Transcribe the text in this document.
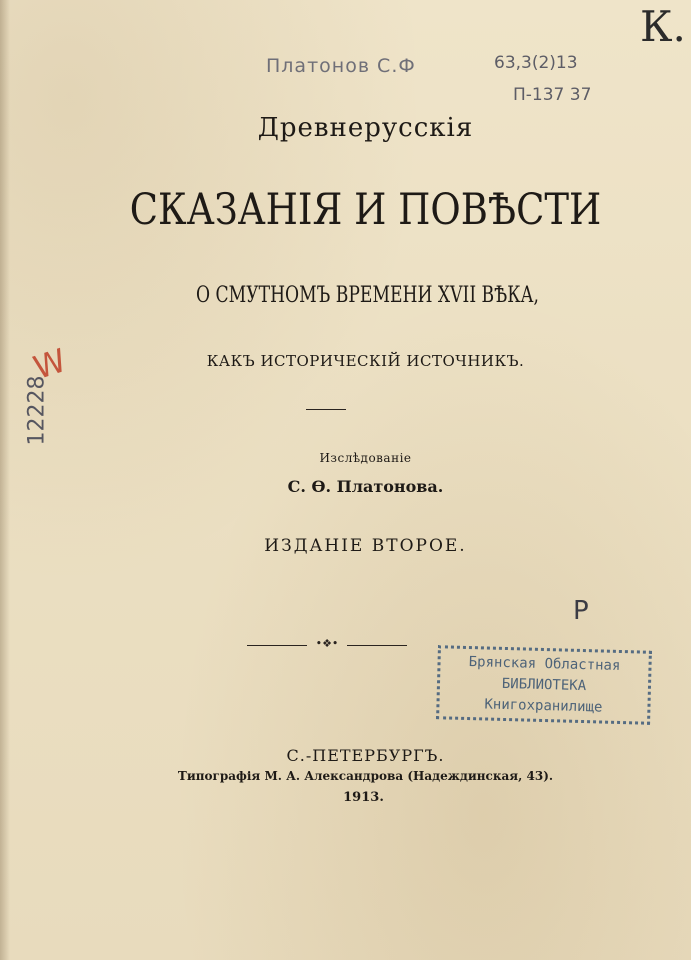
Платонов С.Ф	63,3(2)13
П-137 37
К.
Древнерусскія
СКАЗАНІЯ И ПОВѢСТИ
О СМУТНОМЪ ВРЕМЕНИ XVII ВѢКА,
КАКЪ ИСТОРИЧЕСКІЙ ИСТОЧНИКЪ.
12228
W
Изслѣдованіе
С. Ѳ. Платонова.
ИЗДАНІЕ ВТОРОЕ.
Р
•❖•
Брянская Областная
БИБЛИОТЕКА
Книгохранилище
С.-ПЕТЕРБУРГЪ.
Типографія М. А. Александрова (Надеждинская, 43).
1913.
